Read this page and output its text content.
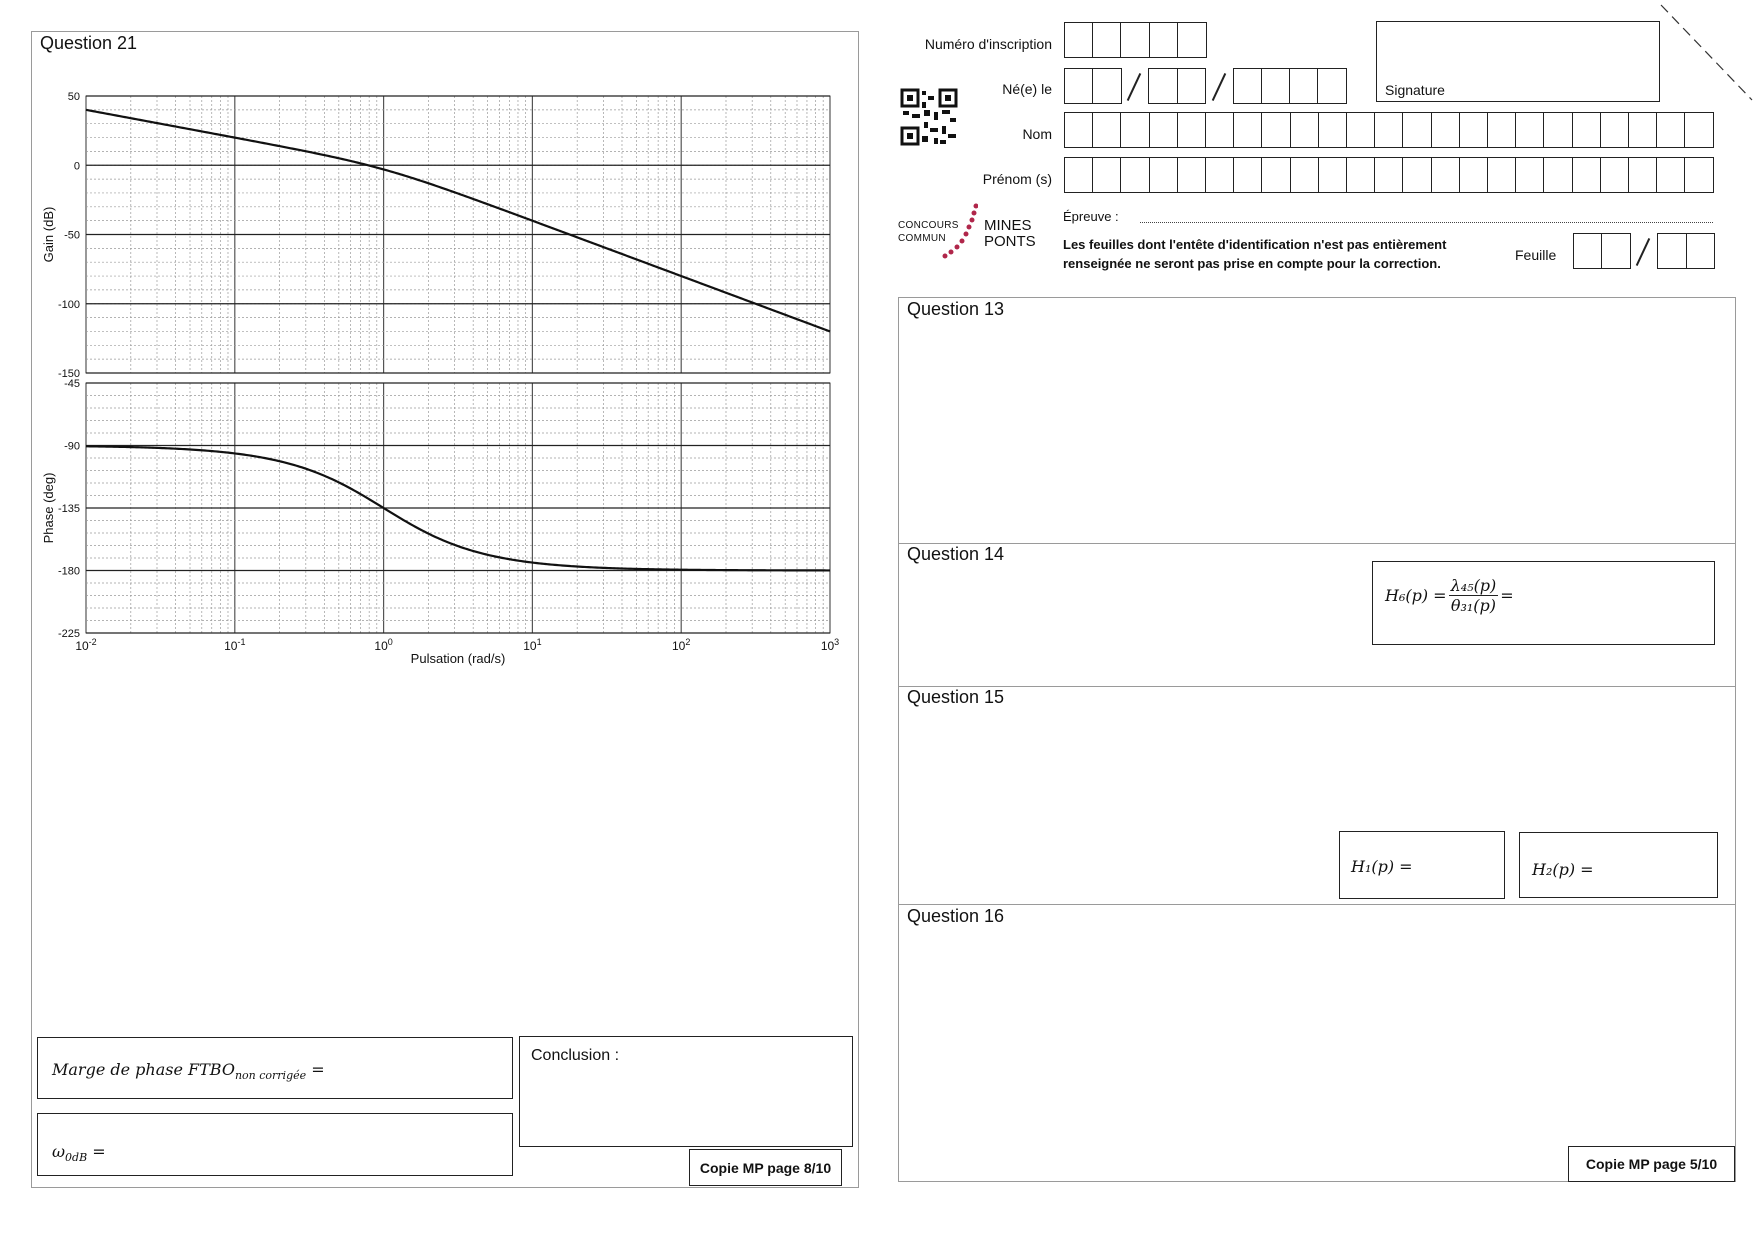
Question 21
50
0
-50
-100
-150
-45
-90
-135
-180
-225
Gain (dB)
Phase (deg)
$10^{-2}$	$10^{-1}$	$10^0$	$10^1$	$10^2$	$10^3$
Pulsation (rad/s)
Marge de phase $FTBO_{non corrigée}$ =
$\omega_{0dB}$ =
Conclusion :
Copie MP page 8/10
Numéro d'inscription
Né(e) le
Nom
Prénom (s)
Signature
CONCOURS
COMMUN
MINES
PONTS
Épreuve :
Les feuilles dont l'entête d'identification n'est pas entièrement
renseignée ne seront pas prise en compte pour la correction.
Feuille
Question 13
Question 14
Question 15
Question 16
$H_6(p) = \frac{\text{λ₄₅(p)}}{\text{θ₃₁(p)}}$ =
H₁(p) =	H₂(p) =
Copie MP page 5/10
